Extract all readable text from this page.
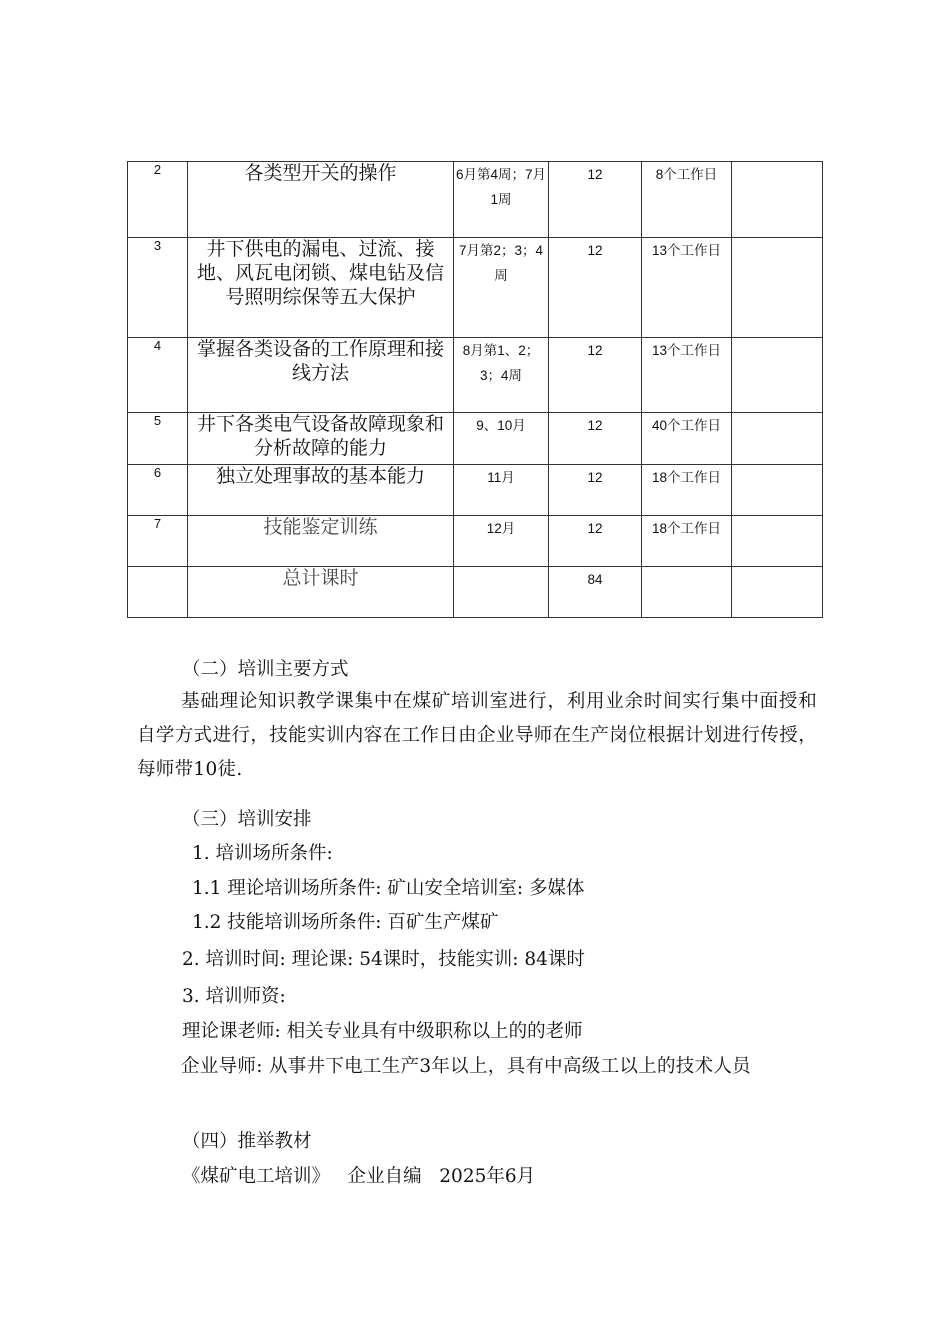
2	各类型开关的操作	6月第4周；7月1周	12	8个工作日	
3	井下供电的漏电、过流、接地、风瓦电闭锁、煤电钻及信号照明综保等五大保护	7月第2；3；4周	12	13个工作日	
4	掌握各类设备的工作原理和接线方法	8月第1、2；3；4周	12	13个工作日	
5	井下各类电气设备故障现象和分析故障的能力	9、10月	12	40个工作日	
6	独立处理事故的基本能力	11月	12	18个工作日	
7	技能鉴定训练	12月	12	18个工作日	
	总计课时		84		
（二）培训主要方式
基础理论知识教学课集中在煤矿培训室进行，利用业余时间实行集中面授和自学方式进行，技能实训内容在工作日由企业导师在生产岗位根据计划进行传授，每师带10徒.
（三）培训安排
1. 培训场所条件:
1.1 理论培训场所条件: 矿山安全培训室: 多媒体
1.2 技能培训场所条件: 百矿生产煤矿
2. 培训时间: 理论课: 54课时，技能实训: 84课时
3. 培训师资:
理论课老师: 相关专业具有中级职称以上的的老师
企业导师: 从事井下电工生产3年以上，具有中高级工以上的技术人员
（四）推举教材
《煤矿电工培训》   企业自编   2025年6月
